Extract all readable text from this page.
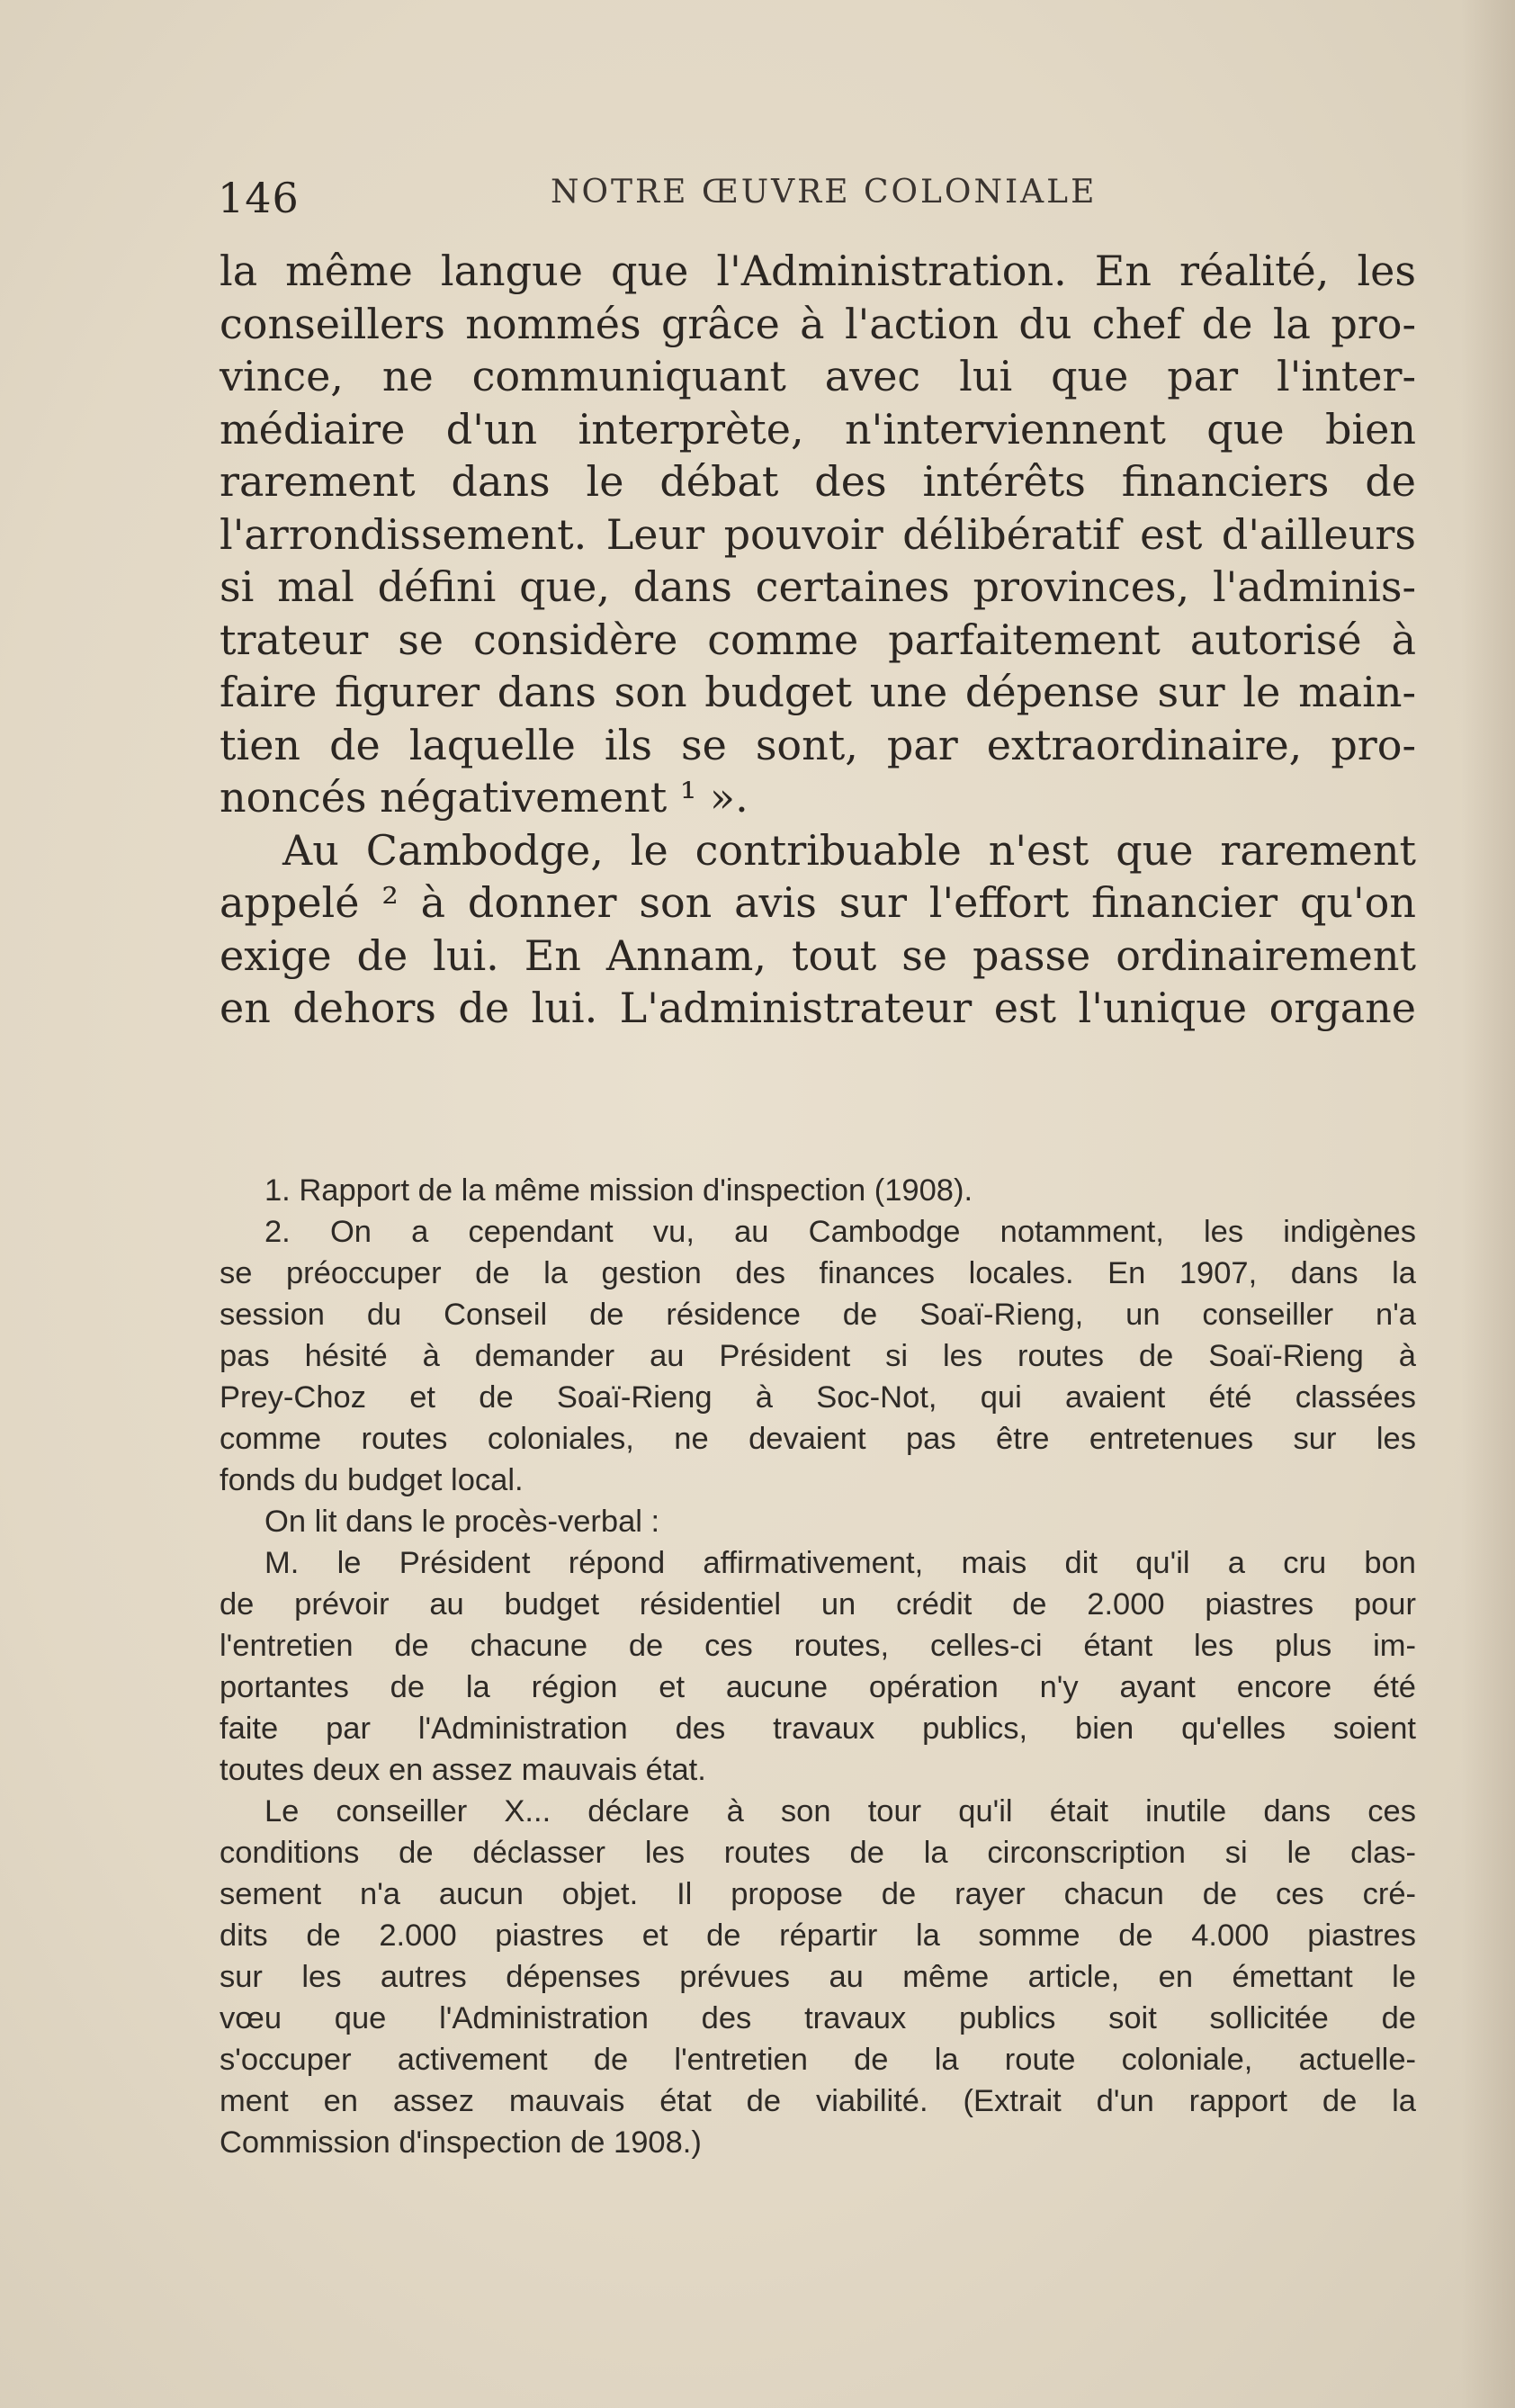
146	NOTRE ŒUVRE COLONIALE
la même langue que l'Administration. En réalité, les
conseillers nommés grâce à l'action du chef de la pro-
vince, ne communiquant avec lui que par l'inter-
médiaire d'un interprète, n'interviennent que bien
rarement dans le débat des intérêts financiers de
l'arrondissement. Leur pouvoir délibératif est d'ailleurs
si mal défini que, dans certaines provinces, l'adminis-
trateur se considère comme parfaitement autorisé à
faire figurer dans son budget une dépense sur le main-
tien de laquelle ils se sont, par extraordinaire, pro-
noncés négativement ¹ ».
Au Cambodge, le contribuable n'est que rarement
appelé ² à donner son avis sur l'effort financier qu'on
exige de lui. En Annam, tout se passe ordinairement
en dehors de lui. L'administrateur est l'unique organe
1. Rapport de la même mission d'inspection (1908).
2. On a cependant vu, au Cambodge notamment, les indigènes
se préoccuper de la gestion des finances locales. En 1907, dans la
session du Conseil de résidence de Soaï-Rieng, un conseiller n'a
pas hésité à demander au Président si les routes de Soaï-Rieng à
Prey-Choz et de Soaï-Rieng à Soc-Not, qui avaient été classées
comme routes coloniales, ne devaient pas être entretenues sur les
fonds du budget local.
On lit dans le procès-verbal :
M. le Président répond affirmativement, mais dit qu'il a cru bon
de prévoir au budget résidentiel un crédit de 2.000 piastres pour
l'entretien de chacune de ces routes, celles-ci étant les plus im-
portantes de la région et aucune opération n'y ayant encore été
faite par l'Administration des travaux publics, bien qu'elles soient
toutes deux en assez mauvais état.
Le conseiller X... déclare à son tour qu'il était inutile dans ces
conditions de déclasser les routes de la circonscription si le clas-
sement n'a aucun objet. Il propose de rayer chacun de ces cré-
dits de 2.000 piastres et de répartir la somme de 4.000 piastres
sur les autres dépenses prévues au même article, en émettant le
vœu que l'Administration des travaux publics soit sollicitée de
s'occuper activement de l'entretien de la route coloniale, actuelle-
ment en assez mauvais état de viabilité. (Extrait d'un rapport de la
Commission d'inspection de 1908.)
